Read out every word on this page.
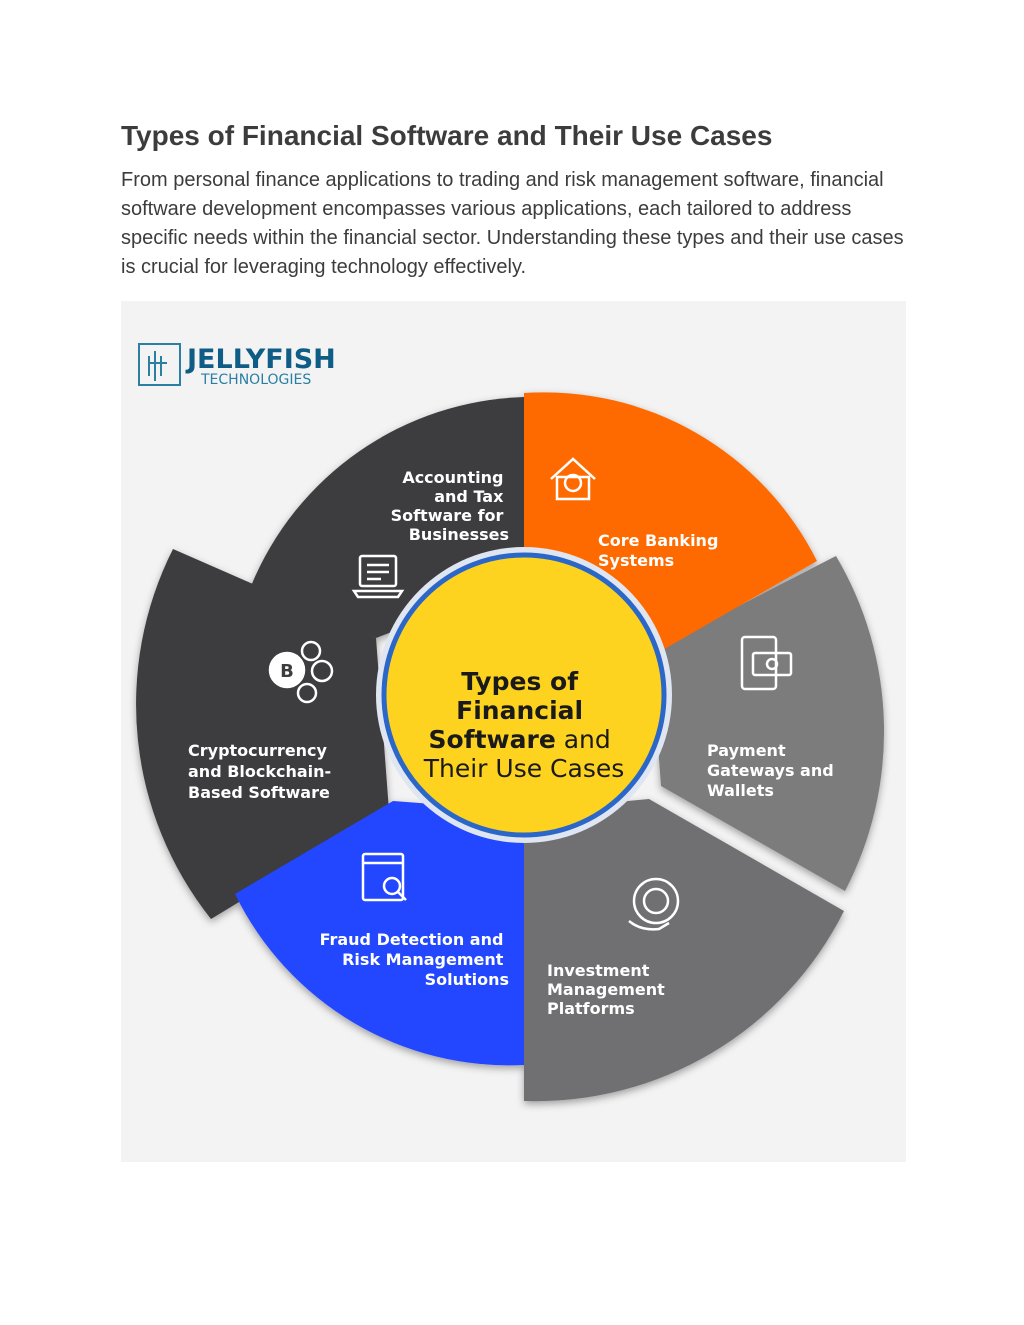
Types of Financial Software and Their Use Cases

From personal finance applications to trading and risk management software, financial software development encompasses various applications, each tailored to address specific needs within the financial sector. Understanding these types and their use cases is crucial for leveraging technology effectively.

JELLYFISH
TECHNOLOGIES
Types of Financial Software and Their Use Cases
Accounting and Tax Software for Businesses	Core Banking Systems
Payment Gateways and Wallets
Investment Management Platforms
Fraud Detection and Risk Management Solutions
Cryptocurrency and Blockchain- Based Software
B
